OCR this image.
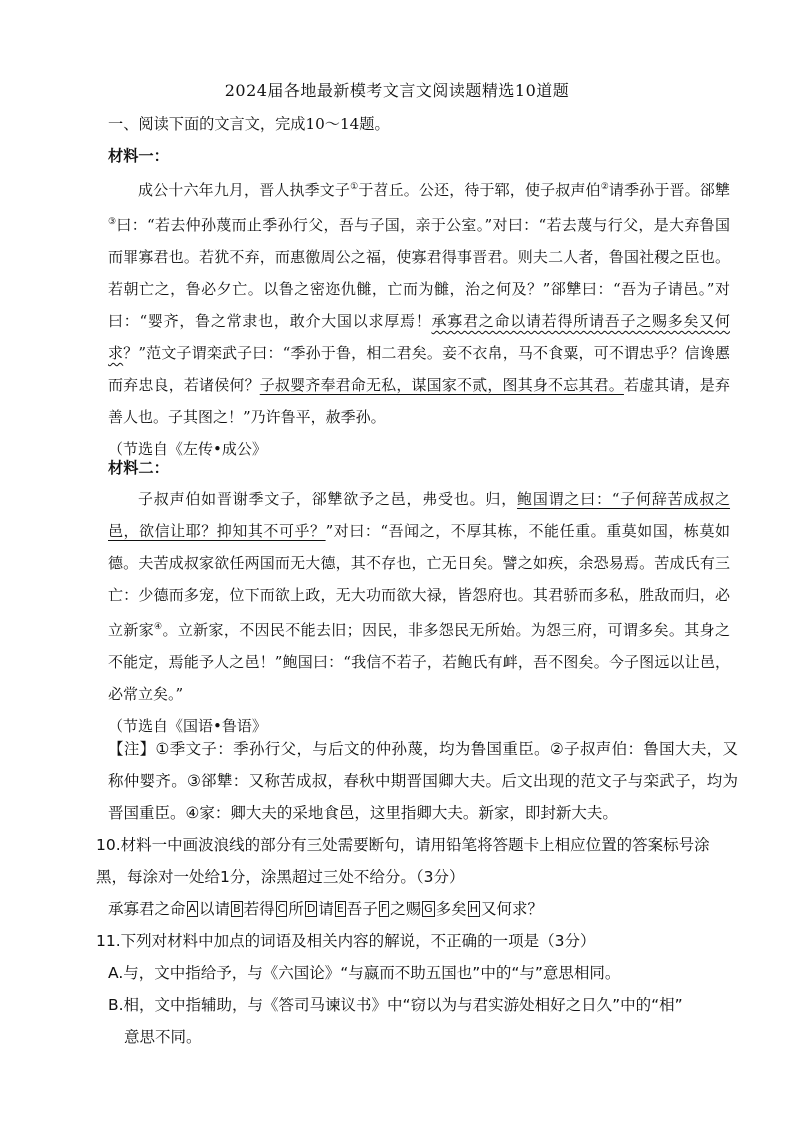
2024届各地最新模考文言文阅读题精选10道题
一、阅读下面的文言文，完成10～14题。
材料一：

成公十六年九月，晋人执季文子①于苕丘。公还，待于郓，使子叔声伯②请季孙于晋。郤犨③曰：“若去仲孙蔑而止季孙行父，吾与子国，亲于公室。”对曰：“若去蔑与行父，是大弃鲁国而罪寡君也。若犹不弃，而惠徼周公之福，使寡君得事晋君。则夫二人者，鲁国社稷之臣也。若朝亡之，鲁必夕亡。以鲁之密迩仇雠，亡而为雠，治之何及？”郤犨曰：“吾为子请邑。”对曰：“婴齐，鲁之常隶也，敢介大国以求厚焉！承寡君之命以请若得所请吾子之赐多矣又何求？”范文子谓栾武子曰：“季孙于鲁，相二君矣。妾不衣帛，马不食粟，可不谓忠乎？信谗慝而弃忠良，若诸侯何？子叔婴齐奉君命无私，谋国家不贰，图其身不忘其君。若虚其请，是弃善人也。子其图之！”乃许鲁平，赦季孙。

（节选自《左传•成公》

材料二：

子叔声伯如晋谢季文子，郤犨欲予之邑，弗受也。归，鲍国谓之曰：“子何辞苦成叔之邑，欲信让耶？抑知其不可乎？”对曰：“吾闻之，不厚其栋，不能任重。重莫如国，栋莫如德。夫苦成叔家欲任两国而无大德，其不存也，亡无日矣。譬之如疾，余恐易焉。苦成氏有三亡：少德而多宠，位下而欲上政，无大功而欲大禄，皆怨府也。其君骄而多私，胜敌而归，必立新家④。立新家，不因民不能去旧；因民，非多怨民无所始。为怨三府，可谓多矣。其身之不能定，焉能予人之邑！”鲍国曰：“我信不若子，若鲍氏有衅，吾不图矣。今子图远以让邑，必常立矣。”

（节选自《国语•鲁语》

【注】①季文子：季孙行父，与后文的仲孙蔑，均为鲁国重臣。②子叔声伯：鲁国大夫，又称仲婴齐。③郤犨：又称苦成叔，春秋中期晋国卿大夫。后文出现的范文子与栾武子，均为晋国重臣。④家：卿大夫的采地食邑，这里指卿大夫。新家，即封新大夫。

10.材料一中画波浪线的部分有三处需要断句，请用铅笔将答题卡上相应位置的答案标号涂黑，每涂对一处给1分，涂黑超过三处不给分。（3分）

承寡君之命 A 以请 B 若得 C 所 D 请 E 吾子 F 之赐 G 多矣 H 又何求？

11.下列对材料中加点的词语及相关内容的解说，不正确的一项是（3分）

A.与，文中指给予，与《六国论》“与嬴而不助五国也”中的“与”意思相同。

B.相，文中指辅助，与《答司马谏议书》中“窃以为与君实游处相好之日久”中的“相”

意思不同。
